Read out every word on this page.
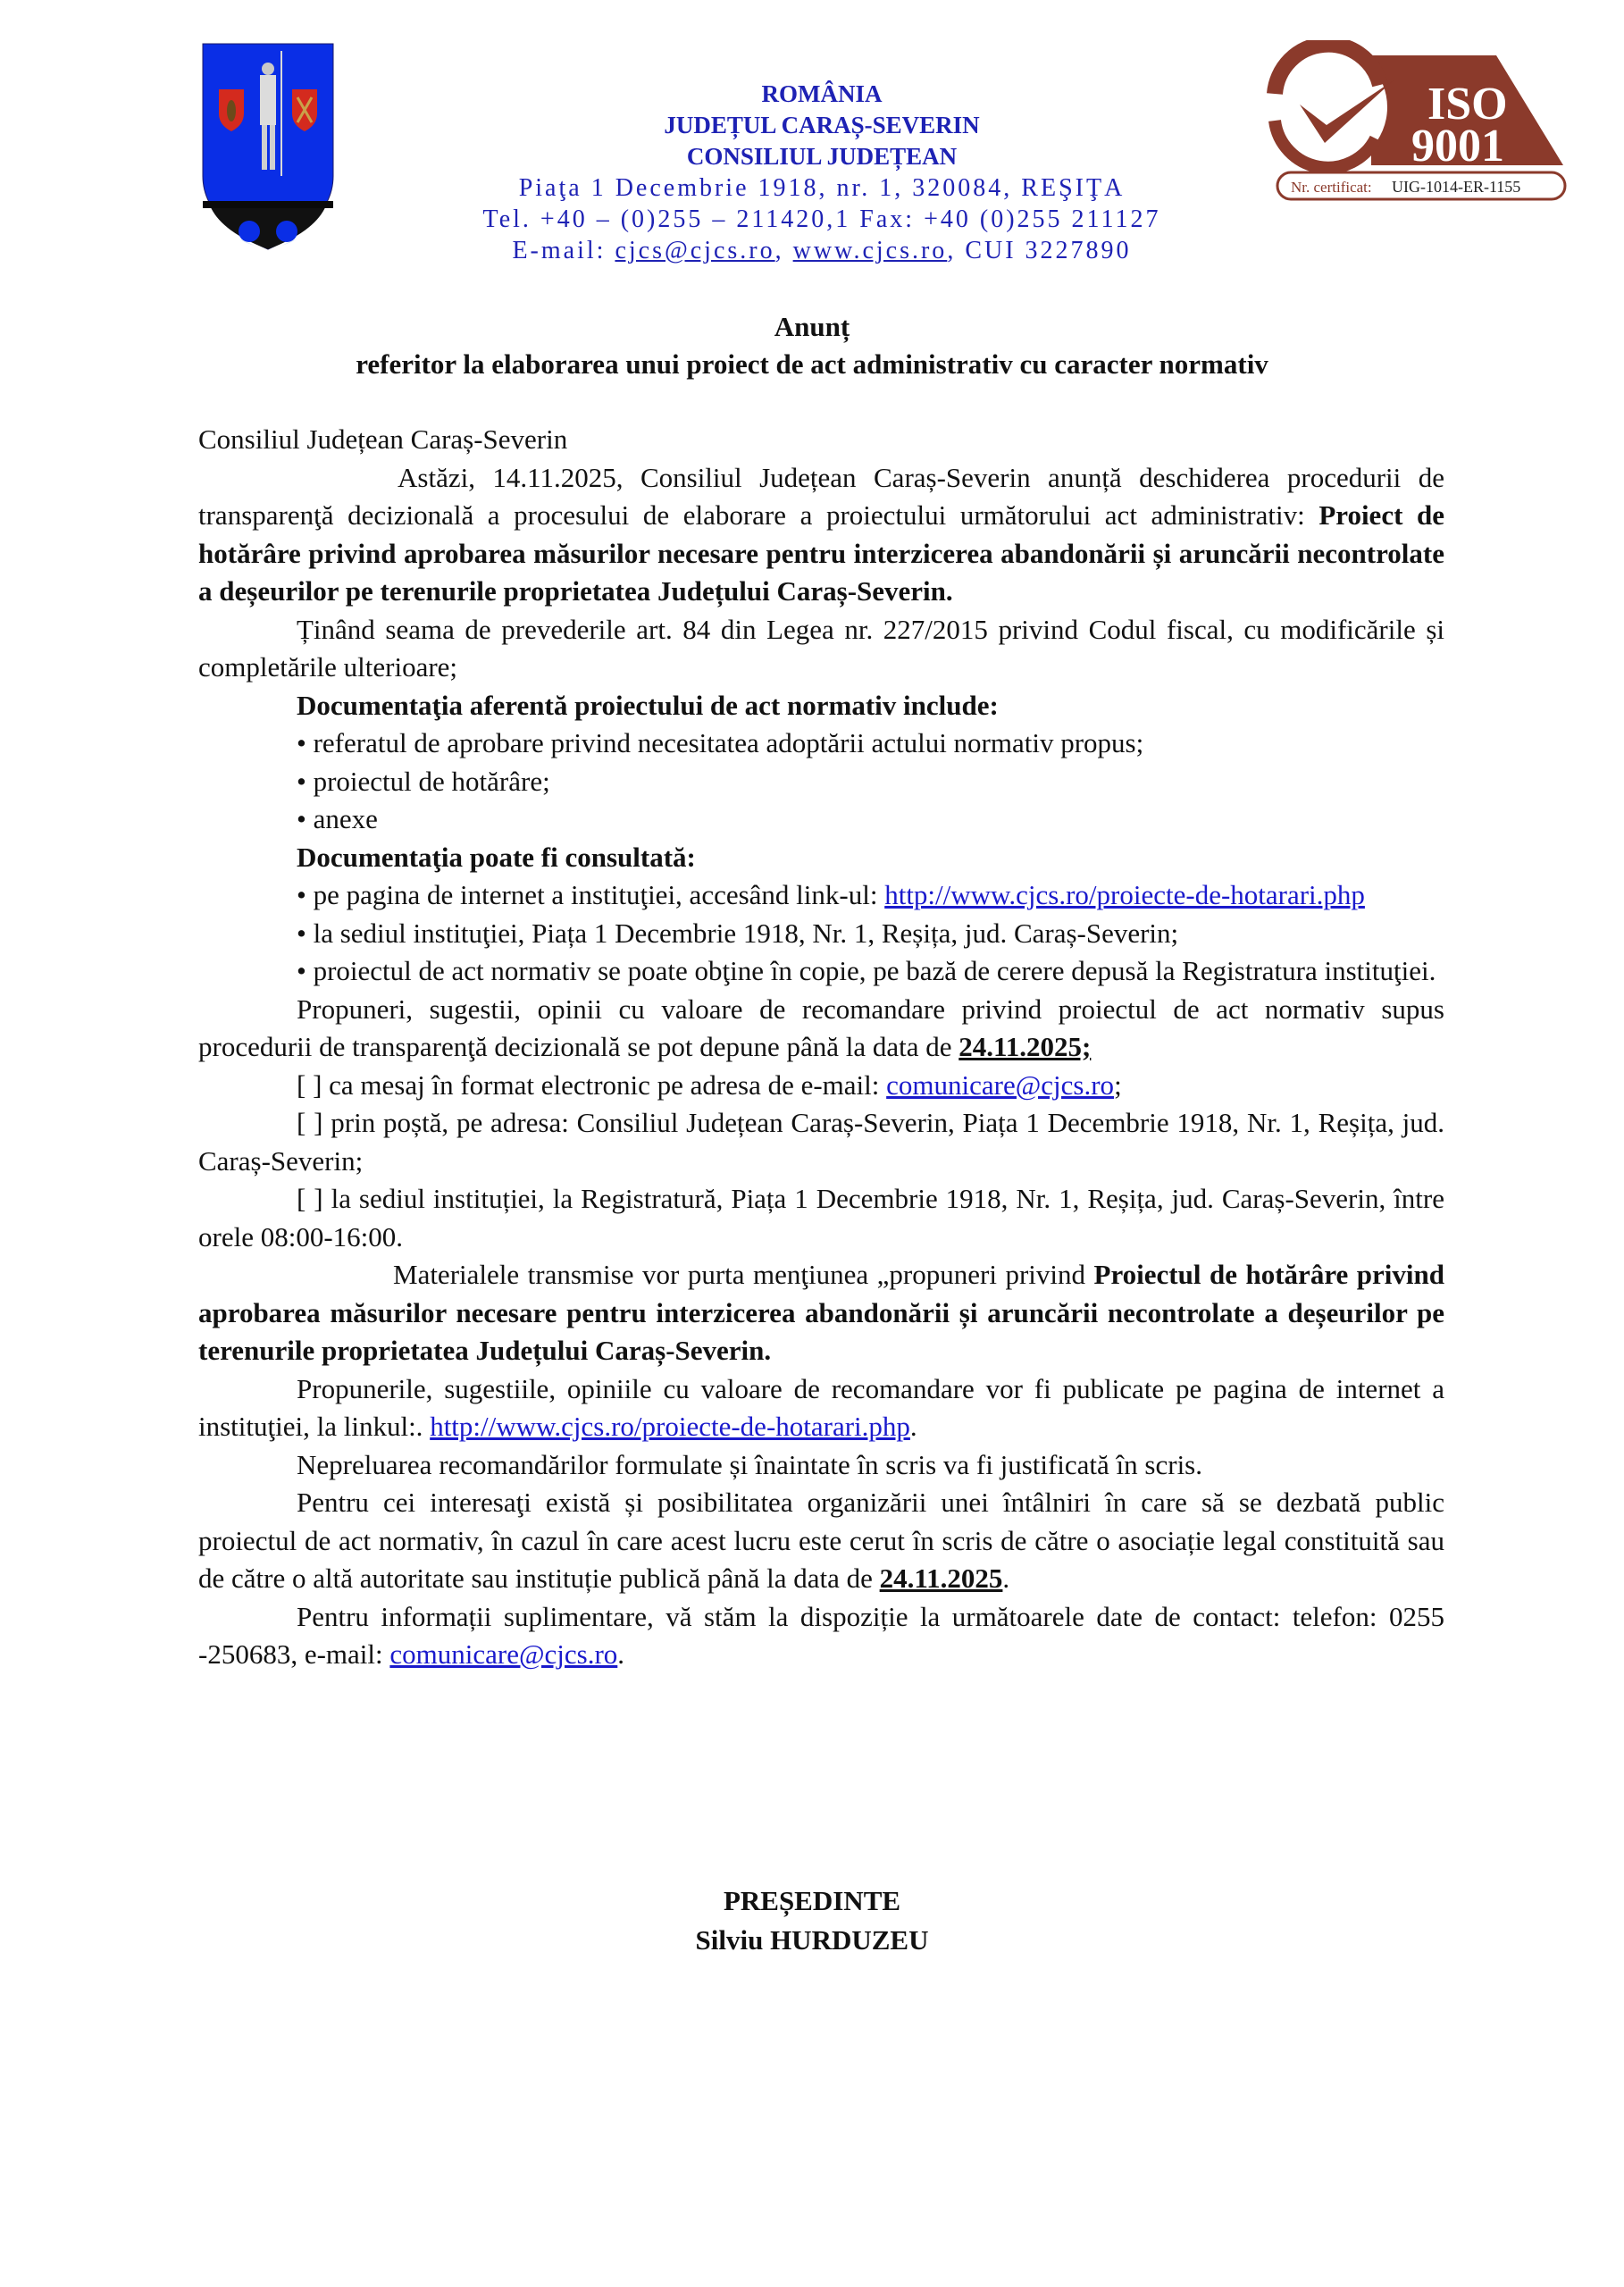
ROMÂNIA
JUDEȚUL CARAȘ-SEVERIN
CONSILIUL JUDEȚEAN
Piaţa 1 Decembrie 1918, nr. 1, 320084, REŞIŢA
Tel. +40 – (0)255 – 211420,1 Fax: +40 (0)255 211127
E-mail: cjcs@cjcs.ro, www.cjcs.ro, CUI 3227890
ISO
9001
Nr. certificat: UIG-1014-ER-1155
Anunț
referitor la elaborarea unui proiect de act administrativ cu caracter normativ

Consiliul Județean Caraș-Severin

Astăzi, 14.11.2025, Consiliul Județean Caraș-Severin anunță deschiderea procedurii de transparenţă decizională a procesului de elaborare a proiectului următorului act administrativ: Proiect de hotărâre privind aprobarea măsurilor necesare pentru interzicerea abandonării și aruncării necontrolate a deșeurilor pe terenurile proprietatea Județului Caraș-Severin.

Ținând seama de prevederile art. 84 din Legea nr. 227/2015 privind Codul fiscal, cu modificările și completările ulterioare;

Documentaţia aferentă proiectului de act normativ include:

• referatul de aprobare privind necesitatea adoptării actului normativ propus;

• proiectul de hotărâre;

• anexe

Documentaţia poate fi consultată:

• pe pagina de internet a instituţiei, accesând link-ul: http://www.cjcs.ro/proiecte-de-hotarari.php

• la sediul instituţiei, Piața 1 Decembrie 1918, Nr. 1, Reșița, jud. Caraș-Severin;

• proiectul de act normativ se poate obţine în copie, pe bază de cerere depusă la Registratura instituţiei.

Propuneri, sugestii, opinii cu valoare de recomandare privind proiectul de act normativ supus procedurii de transparenţă decizională se pot depune până la data de 24.11.2025;

[ ] ca mesaj în format electronic pe adresa de e-mail: comunicare@cjcs.ro;

[ ] prin poștă, pe adresa: Consiliul Județean Caraș-Severin, Piața 1 Decembrie 1918, Nr. 1, Reșița, jud. Caraș-Severin;

[ ] la sediul instituției, la Registratură, Piața 1 Decembrie 1918, Nr. 1, Reșița, jud. Caraș-Severin, între orele 08:00-16:00.

Materialele transmise vor purta menţiunea „propuneri privind Proiectul de hotărâre privind aprobarea măsurilor necesare pentru interzicerea abandonării și aruncării necontrolate a deșeurilor pe terenurile proprietatea Județului Caraș-Severin.

Propunerile, sugestiile, opiniile cu valoare de recomandare vor fi publicate pe pagina de internet a instituţiei, la linkul:. http://www.cjcs.ro/proiecte-de-hotarari.php.

Nepreluarea recomandărilor formulate și înaintate în scris va fi justificată în scris.

Pentru cei interesaţi există și posibilitatea organizării unei întâlniri în care să se dezbată public proiectul de act normativ, în cazul în care acest lucru este cerut în scris de către o asociație legal constituită sau de către o altă autoritate sau instituție publică până la data de 24.11.2025.

Pentru informații suplimentare, vă stăm la dispoziție la următoarele date de contact: telefon: 0255 -250683, e-mail: comunicare@cjcs.ro.

PREȘEDINTE
Silviu HURDUZEU
